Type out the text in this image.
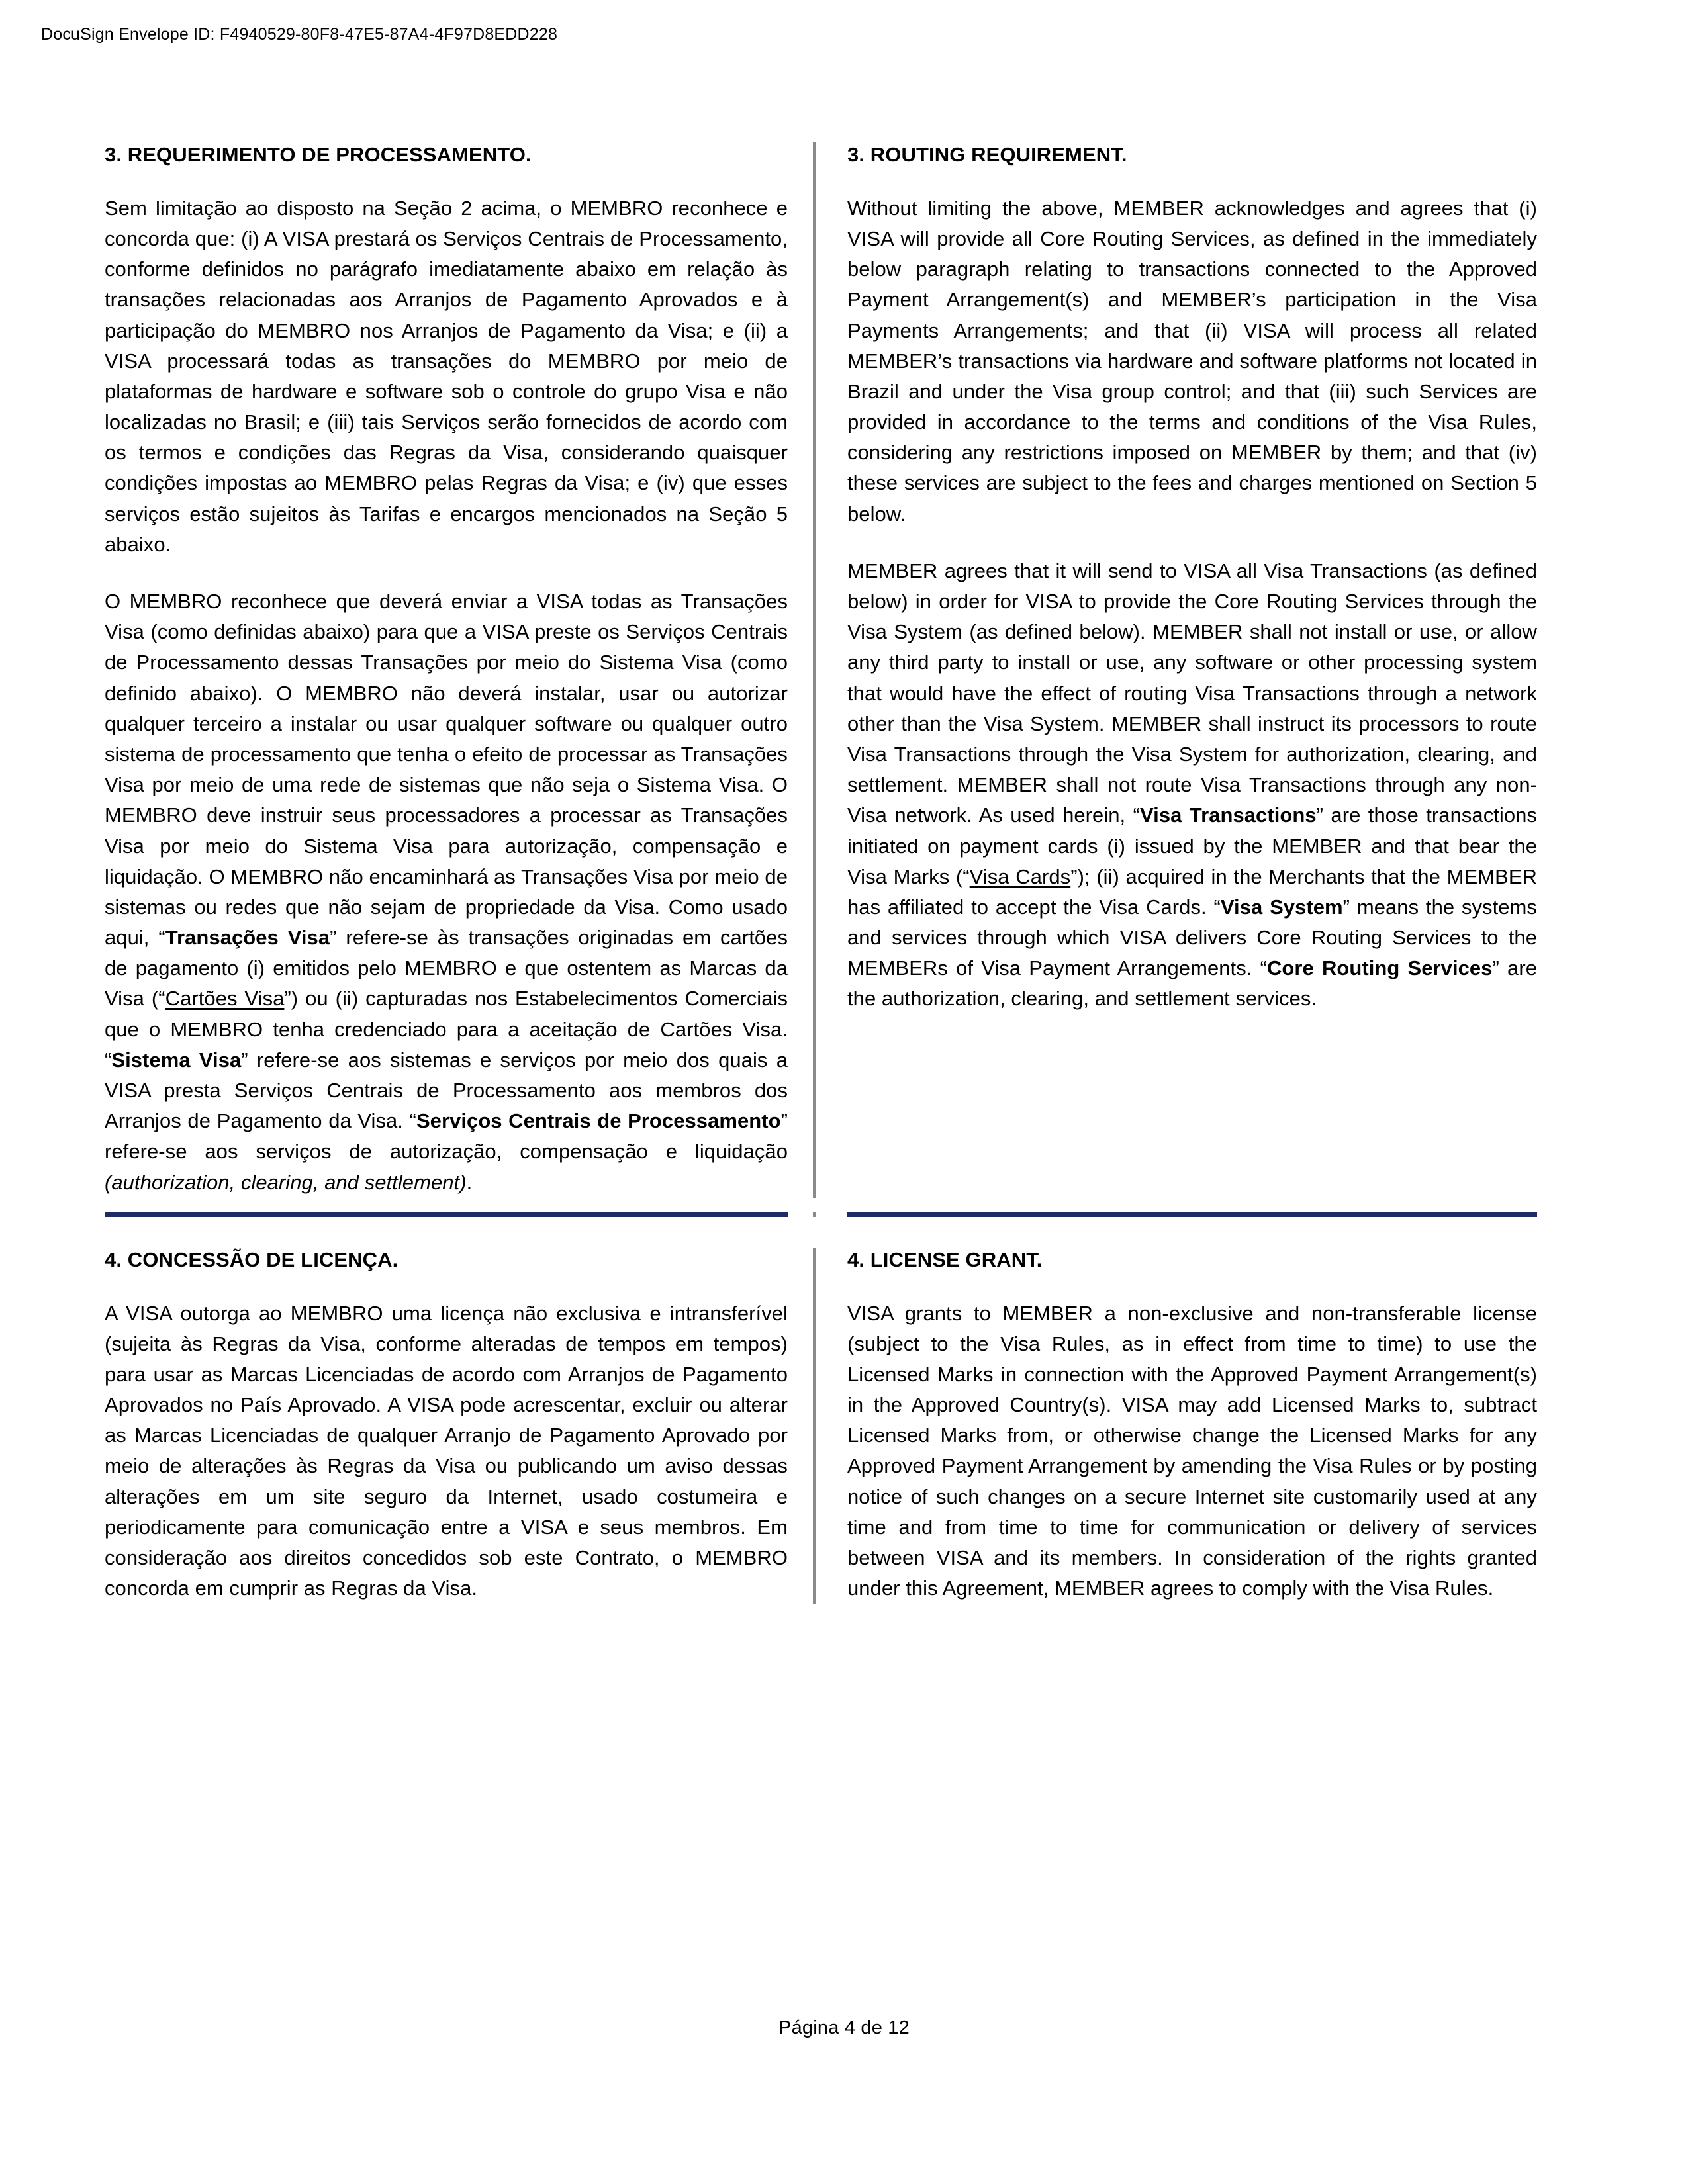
DocuSign Envelope ID: F4940529-80F8-47E5-87A4-4F97D8EDD228
3. REQUERIMENTO DE PROCESSAMENTO.

Sem limitação ao disposto na Seção 2 acima, o MEMBRO reconhece e concorda que: (i) A VISA prestará os Serviços Centrais de Processamento, conforme definidos no parágrafo imediatamente abaixo em relação às transações relacionadas aos Arranjos de Pagamento Aprovados e à participação do MEMBRO nos Arranjos de Pagamento da Visa; e (ii) a VISA processará todas as transações do MEMBRO por meio de plataformas de hardware e software sob o controle do grupo Visa e não localizadas no Brasil; e (iii) tais Serviços serão fornecidos de acordo com os termos e condições das Regras da Visa, considerando quaisquer condições impostas ao MEMBRO pelas Regras da Visa; e (iv) que esses serviços estão sujeitos às Tarifas e encargos mencionados na Seção 5 abaixo.

O MEMBRO reconhece que deverá enviar a VISA todas as Transações Visa (como definidas abaixo) para que a VISA preste os Serviços Centrais de Processamento dessas Transações por meio do Sistema Visa (como definido abaixo). O MEMBRO não deverá instalar, usar ou autorizar qualquer terceiro a instalar ou usar qualquer software ou qualquer outro sistema de processamento que tenha o efeito de processar as Transações Visa por meio de uma rede de sistemas que não seja o Sistema Visa. O MEMBRO deve instruir seus processadores a processar as Transações Visa por meio do Sistema Visa para autorização, compensação e liquidação. O MEMBRO não encaminhará as Transações Visa por meio de sistemas ou redes que não sejam de propriedade da Visa. Como usado aqui, “Transações Visa” refere-se às transações originadas em cartões de pagamento (i) emitidos pelo MEMBRO e que ostentem as Marcas da Visa (“Cartões Visa”) ou (ii) capturadas nos Estabelecimentos Comerciais que o MEMBRO tenha credenciado para a aceitação de Cartões Visa. “Sistema Visa” refere-se aos sistemas e serviços por meio dos quais a VISA presta Serviços Centrais de Processamento aos membros dos Arranjos de Pagamento da Visa. “Serviços Centrais de Processamento” refere-se aos serviços de autorização, compensação e liquidação (authorization, clearing, and settlement).

3. ROUTING REQUIREMENT.

Without limiting the above, MEMBER acknowledges and agrees that (i) VISA will provide all Core Routing Services, as defined in the immediately below paragraph relating to transactions connected to the Approved Payment Arrangement(s) and MEMBER’s participation in the Visa Payments Arrangements; and that (ii) VISA will process all related MEMBER’s transactions via hardware and software platforms not located in Brazil and under the Visa group control; and that (iii) such Services are provided in accordance to the terms and conditions of the Visa Rules, considering any restrictions imposed on MEMBER by them; and that (iv) these services are subject to the fees and charges mentioned on Section 5 below.

MEMBER agrees that it will send to VISA all Visa Transactions (as defined below) in order for VISA to provide the Core Routing Services through the Visa System (as defined below). MEMBER shall not install or use, or allow any third party to install or use, any software or other processing system that would have the effect of routing Visa Transactions through a network other than the Visa System. MEMBER shall instruct its processors to route Visa Transactions through the Visa System for authorization, clearing, and settlement. MEMBER shall not route Visa Transactions through any non-Visa network. As used herein, “Visa Transactions” are those transactions initiated on payment cards (i) issued by the MEMBER and that bear the Visa Marks (“Visa Cards”); (ii) acquired in the Merchants that the MEMBER has affiliated to accept the Visa Cards. “Visa System” means the systems and services through which VISA delivers Core Routing Services to the MEMBERs of Visa Payment Arrangements. “Core Routing Services” are the authorization, clearing, and settlement services.

4. CONCESSÃO DE LICENÇA.

A VISA outorga ao MEMBRO uma licença não exclusiva e intransferível (sujeita às Regras da Visa, conforme alteradas de tempos em tempos) para usar as Marcas Licenciadas de acordo com Arranjos de Pagamento Aprovados no País Aprovado. A VISA pode acrescentar, excluir ou alterar as Marcas Licenciadas de qualquer Arranjo de Pagamento Aprovado por meio de alterações às Regras da Visa ou publicando um aviso dessas alterações em um site seguro da Internet, usado costumeira e periodicamente para comunicação entre a VISA e seus membros. Em consideração aos direitos concedidos sob este Contrato, o MEMBRO concorda em cumprir as Regras da Visa.

4. LICENSE GRANT.

VISA grants to MEMBER a non-exclusive and non-transferable license (subject to the Visa Rules, as in effect from time to time) to use the Licensed Marks in connection with the Approved Payment Arrangement(s) in the Approved Country(s). VISA may add Licensed Marks to, subtract Licensed Marks from, or otherwise change the Licensed Marks for any Approved Payment Arrangement by amending the Visa Rules or by posting notice of such changes on a secure Internet site customarily used at any time and from time to time for communication or delivery of services between VISA and its members. In consideration of the rights granted under this Agreement, MEMBER agrees to comply with the Visa Rules.

Página 4 de 12
